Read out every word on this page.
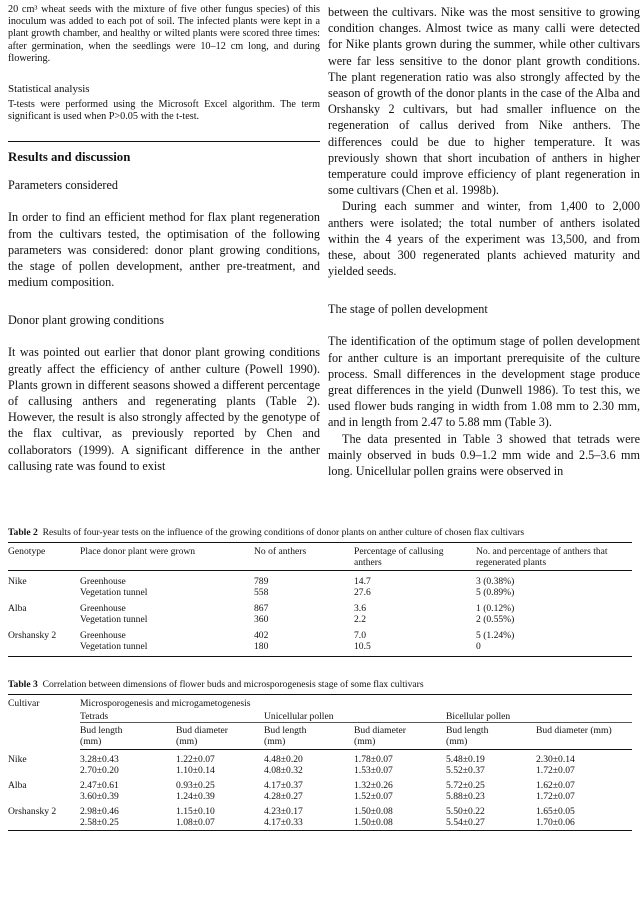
20 cm³ wheat seeds with the mixture of five other fungus species) of this inoculum was added to each pot of soil. The infected plants were kept in a plant growth chamber, and healthy or wilted plants were scored three times: after germination, when the seedlings were 10–12 cm long, and during flowering.

Statistical analysis

T-tests were performed using the Microsoft Excel algorithm. The term significant is used when P>0.05 with the t-test.

Results and discussion
Parameters considered

In order to find an efficient method for flax plant regeneration from the cultivars tested, the optimisation of the following parameters was considered: donor plant growing conditions, the stage of pollen development, anther pre-treatment, and medium composition.

Donor plant growing conditions

It was pointed out earlier that donor plant growing conditions greatly affect the efficiency of anther culture (Powell 1990). Plants grown in different seasons showed a different percentage of callusing anthers and regenerating plants (Table 2). However, the result is also strongly affected by the genotype of the flax cultivar, as previously reported by Chen and collaborators (1999). A significant difference in the anther callusing rate was found to exist

between the cultivars. Nike was the most sensitive to growing condition changes. Almost twice as many calli were detected for Nike plants grown during the summer, while other cultivars were far less sensitive to the donor plant growth conditions. The plant regeneration ratio was also strongly affected by the season of growth of the donor plants in the case of the Alba and Orshansky 2 cultivars, but had smaller influence on the regeneration of callus derived from Nike anthers. The differences could be due to higher temperature. It was previously shown that short incubation of anthers in higher temperature could improve efficiency of plant regeneration in some cultivars (Chen et al. 1998b).

During each summer and winter, from 1,400 to 2,000 anthers were isolated; the total number of anthers isolated within the 4 years of the experiment was 13,500, and from these, about 300 regenerated plants achieved maturity and yielded seeds.

The stage of pollen development

The identification of the optimum stage of pollen development for anther culture is an important prerequisite of the culture process. Small differences in the development stage produce great differences in the yield (Dunwell 1986). To test this, we used flower buds ranging in width from 1.08 mm to 2.30 mm, and in length from 2.47 to 5.88 mm (Table 3).

The data presented in Table 3 showed that tetrads were mainly observed in buds 0.9–1.2 mm wide and 2.5–3.6 mm long. Unicellular pollen grains were observed in

Table 2 Results of four-year tests on the influence of the growing conditions of donor plants on anther culture of chosen flax cultivars
Genotype	Place donor plant were grown	No of anthers	Percentage of callusing anthers	No. and percentage of anthers that regenerated plants
Nike	Greenhouse	789	14.7	3 (0.38%)
	Vegetation tunnel	558	27.6	5 (0.89%)
Alba	Greenhouse	867	3.6	1 (0.12%)
	Vegetation tunnel	360	2.2	2 (0.55%)
Orshansky 2	Greenhouse	402	7.0	5 (1.24%)
	Vegetation tunnel	180	10.5	0
Table 3 Correlation between dimensions of flower buds and microsporogenesis stage of some flax cultivars
Cultivar	Microsporogenesis and microgametogenesis					
	Tetrads		Unicellular pollen		Bicellular pollen	
	Bud length (mm)	Bud diameter (mm)	Bud length (mm)	Bud diameter (mm)	Bud length (mm)	Bud diameter (mm)
Nike	3.28±0.43	1.22±0.07	4.48±0.20	1.78±0.07	5.48±0.19	2.30±0.14
	2.70±0.20	1.10±0.14	4.08±0.32	1.53±0.07	5.52±0.37	1.72±0.07
Alba	2.47±0.61	0.93±0.25	4.17±0.37	1.32±0.26	5.72±0.25	1.62±0.07
	3.60±0.39	1.24±0.39	4.28±0.27	1.52±0.07	5.88±0.23	1.72±0.07
Orshansky 2	2.98±0.46	1.15±0.10	4.23±0.17	1.50±0.08	5.50±0.22	1.65±0.05
	2.58±0.25	1.08±0.07	4.17±0.33	1.50±0.08	5.54±0.27	1.70±0.06
